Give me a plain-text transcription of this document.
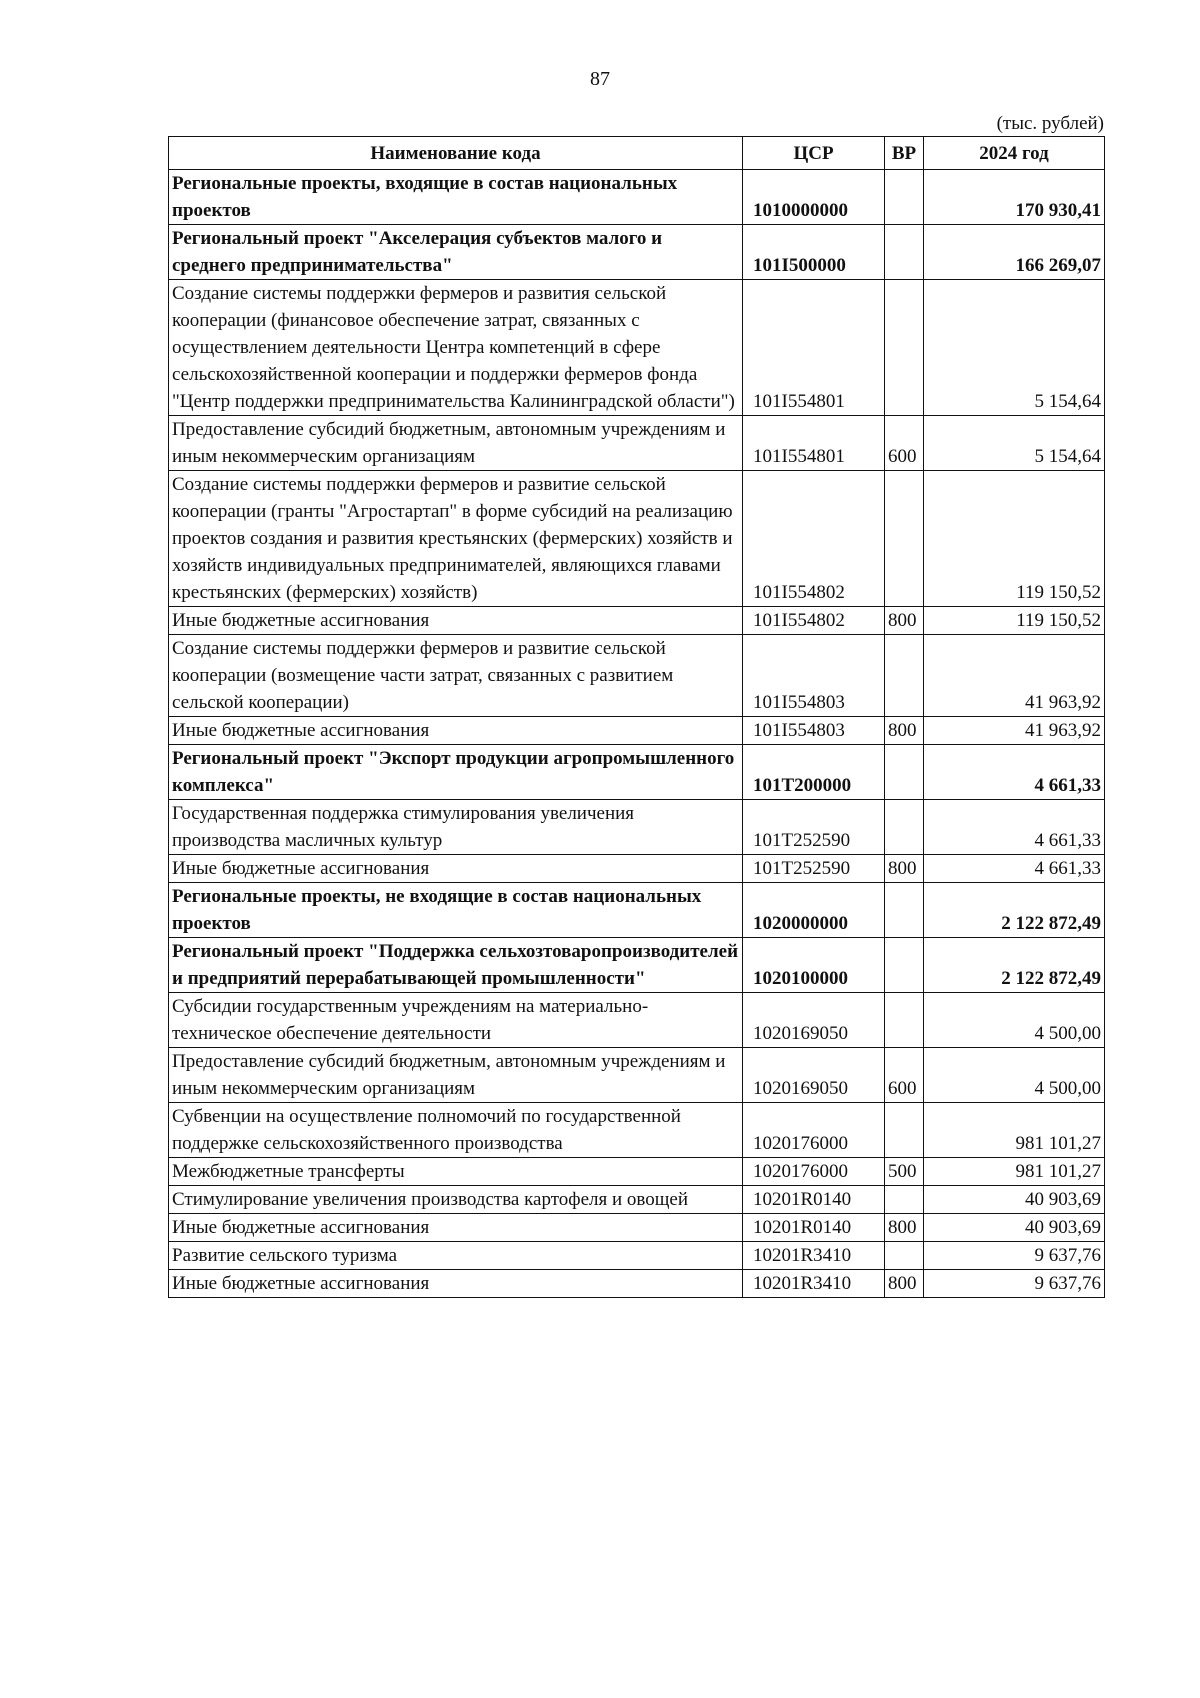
87
(тыс. рублей)
Наименование кода	ЦСР	ВР	2024 год
Региональные проекты, входящие в состав национальных проектов	1010000000		170 930,41
Региональный проект "Акселерация субъектов малого и среднего предпринимательства"	101I500000		166 269,07
Создание системы поддержки фермеров и развития сельской кооперации (финансовое обеспечение затрат, связанных с осуществлением деятельности Центра компетенций в сфере сельскохозяйственной кооперации и поддержки фермеров фонда "Центр поддержки предпринимательства Калининградской области")	101I554801		5 154,64
Предоставление субсидий бюджетным, автономным учреждениям и иным некоммерческим организациям	101I554801	600	5 154,64
Создание системы поддержки фермеров и развитие сельской кооперации (гранты "Агростартап" в форме субсидий на реализацию проектов создания и развития крестьянских (фермерских) хозяйств и хозяйств индивидуальных предпринимателей, являющихся главами крестьянских (фермерских) хозяйств)	101I554802		119 150,52
Иные бюджетные ассигнования	101I554802	800	119 150,52
Создание системы поддержки фермеров и развитие сельской кооперации (возмещение части затрат, связанных с развитием сельской кооперации)	101I554803		41 963,92
Иные бюджетные ассигнования	101I554803	800	41 963,92
Региональный проект "Экспорт продукции агропромышленного комплекса"	101T200000		4 661,33
Государственная поддержка стимулирования увеличения производства масличных культур	101T252590		4 661,33
Иные бюджетные ассигнования	101T252590	800	4 661,33
Региональные проекты, не входящие в состав национальных проектов	1020000000		2 122 872,49
Региональный проект "Поддержка сельхозтоваропроизводителей и предприятий перерабатывающей промышленности"	1020100000		2 122 872,49
Субсидии государственным учреждениям на материально-техническое обеспечение деятельности	1020169050		4 500,00
Предоставление субсидий бюджетным, автономным учреждениям и иным некоммерческим организациям	1020169050	600	4 500,00
Субвенции на осуществление полномочий по государственной поддержке сельскохозяйственного производства	1020176000		981 101,27
Межбюджетные трансферты	1020176000	500	981 101,27
Стимулирование увеличения производства картофеля и овощей	10201R0140		40 903,69
Иные бюджетные ассигнования	10201R0140	800	40 903,69
Развитие сельского туризма	10201R3410		9 637,76
Иные бюджетные ассигнования	10201R3410	800	9 637,76
